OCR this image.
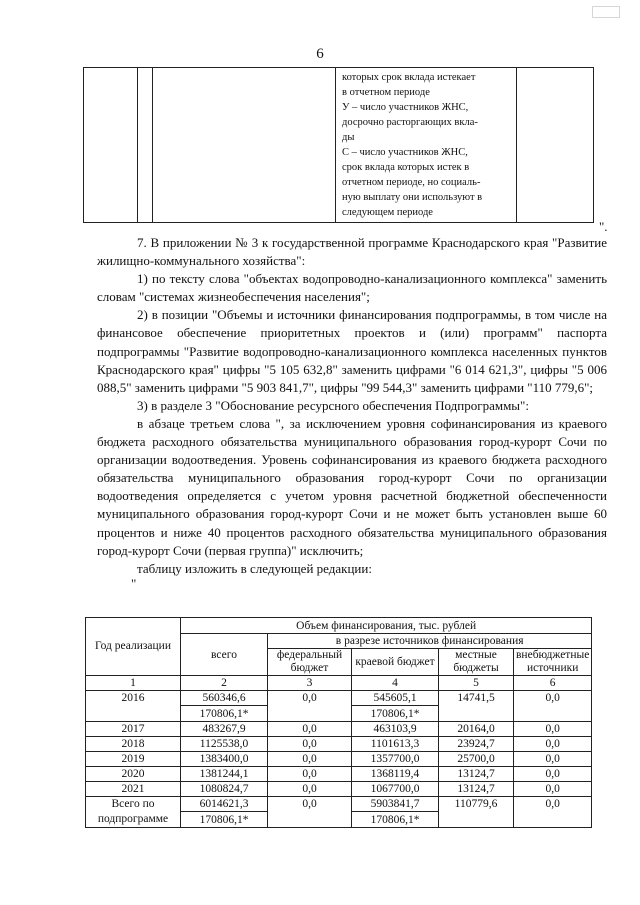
6

которых срок вклада истекает
в отчетном периоде
У – число участников ЖНС,
досрочно расторгающих вкла-
ды
С – число участников ЖНС,
срок вклада которых истек в
отчетном периоде, но социаль-
ную выплату они используют в
следующем периоде

".

7. В приложении № 3 к государственной программе Краснодарского края "Развитие жилищно-коммунального хозяйства":

1) по тексту слова "объектах водопроводно-канализационного комплекса" заменить словам "системах жизнеобеспечения населения";

2) в позиции "Объемы и источники финансирования подпрограммы, в том числе на финансовое обеспечение приоритетных проектов и (или) программ" паспорта подпрограммы "Развитие водопроводно-канализационного комплекса населенных пунктов Краснодарского края" цифры "5 105 632,8" заменить цифрами "6 014 621,3", цифры "5 006 088,5" заменить цифрами "5 903 841,7", цифры "99 544,3" заменить цифрами "110 779,6";

3) в разделе 3 "Обоснование ресурсного обеспечения Подпрограммы":

в абзаце третьем слова ", за исключением уровня софинансирования из краевого бюджета расходного обязательства муниципального образования город-курорт Сочи по организации водоотведения. Уровень софинансирования из краевого бюджета расходного обязательства муниципального образования город-курорт Сочи по организации водоотведения определяется с учетом уровня расчетной бюджетной обеспеченности муниципального образования город-курорт Сочи и не может быть установлен выше 60 процентов и ниже 40 процентов расходного обязательства муниципального образования город-курорт Сочи (первая группа)" исключить;

таблицу изложить в следующей редакции:

"

Год реализации	Объем финансирования, тыс. рублей				
	всего	в разрезе источников финансирования			
		федеральный бюджет	краевой бюджет	местные бюджеты	внебюджетные источники
1	2	3	4	5	6
2016	560346,6	0,0	545605,1	14741,5	0,0
	170806,1*		170806,1*		
2017	483267,9	0,0	463103,9	20164,0	0,0
2018	1125538,0	0,0	1101613,3	23924,7	0,0
2019	1383400,0	0,0	1357700,0	25700,0	0,0
2020	1381244,1	0,0	1368119,4	13124,7	0,0
2021	1080824,7	0,0	1067700,0	13124,7	0,0
Всего по подпрограмме	6014621,3	0,0	5903841,7	110779,6	0,0
	170806,1*		170806,1*		
